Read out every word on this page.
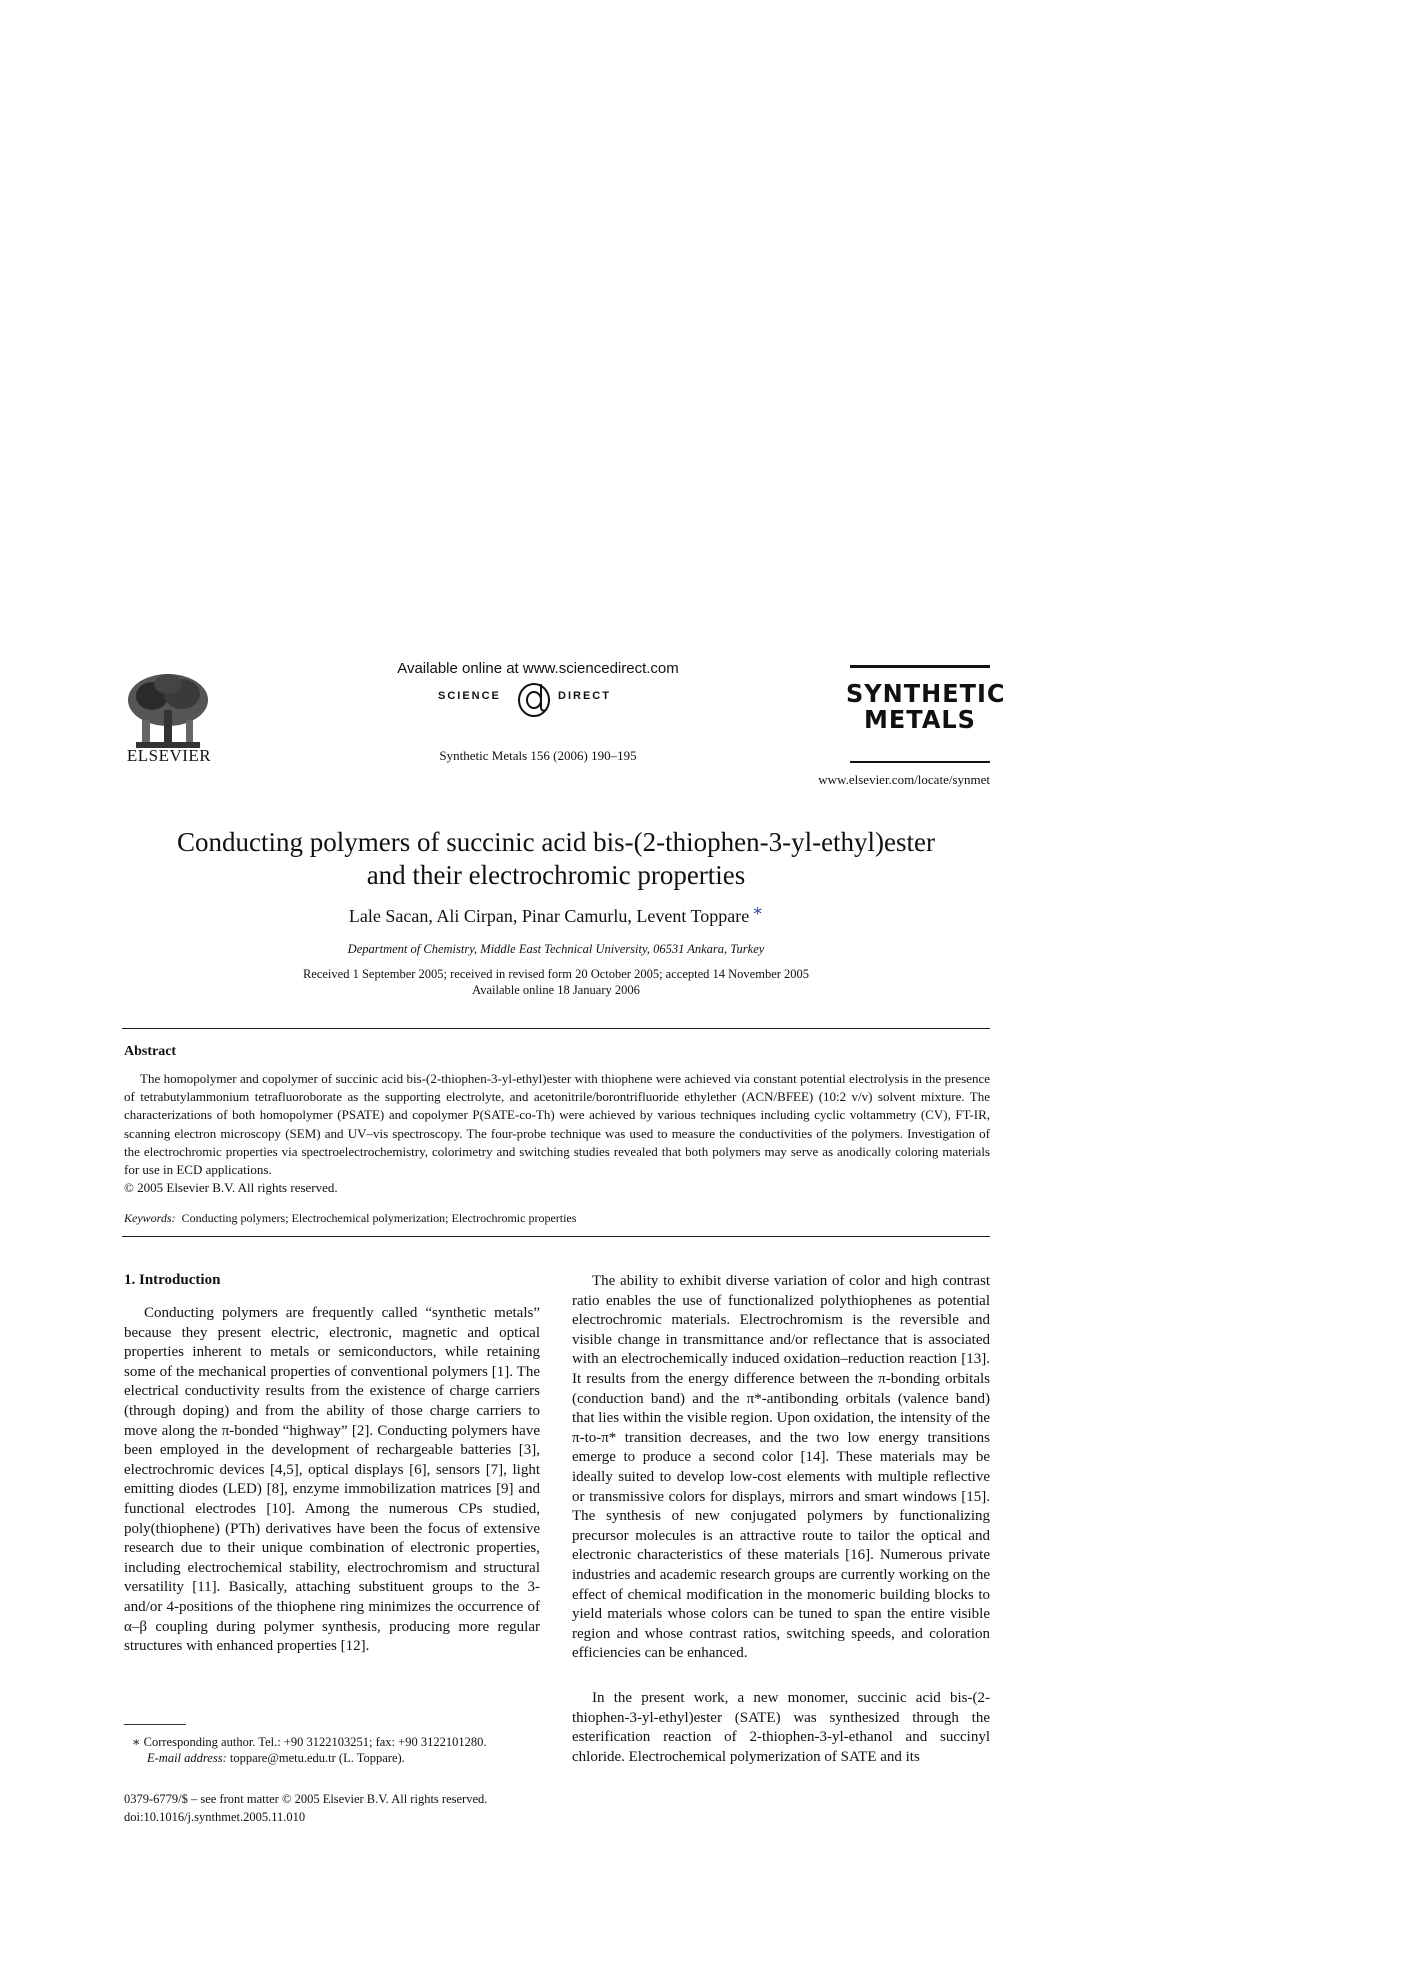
ELSEVIER
Available online at www.sciencedirect.com
SCIENCE	DIRECT
Synthetic Metals 156 (2006) 190–195
SYNTHETIC
METALS
www.elsevier.com/locate/synmet
Conducting polymers of succinic acid bis-(2-thiophen-3-yl-ethyl)ester
and their electrochromic properties
Lale Sacan, Ali Cirpan, Pinar Camurlu, Levent Toppare ∗
Department of Chemistry, Middle East Technical University, 06531 Ankara, Turkey
Received 1 September 2005; received in revised form 20 October 2005; accepted 14 November 2005
Available online 18 January 2006
Abstract
The homopolymer and copolymer of succinic acid bis-(2-thiophen-3-yl-ethyl)ester with thiophene were achieved via constant potential electrolysis in the presence of tetrabutylammonium tetrafluoroborate as the supporting electrolyte, and acetonitrile/borontrifluoride ethylether (ACN/BFEE) (10:2 v/v) solvent mixture. The characterizations of both homopolymer (PSATE) and copolymer P(SATE-co-Th) were achieved by various techniques including cyclic voltammetry (CV), FT-IR, scanning electron microscopy (SEM) and UV–vis spectroscopy. The four-probe technique was used to measure the conductivities of the polymers. Investigation of the electrochromic properties via spectroelectrochemistry, colorimetry and switching studies revealed that both polymers may serve as anodically coloring materials for use in ECD applications.
© 2005 Elsevier B.V. All rights reserved.
Keywords: Conducting polymers; Electrochemical polymerization; Electrochromic properties
1. Introduction
Conducting polymers are frequently called “synthetic metals” because they present electric, electronic, magnetic and optical properties inherent to metals or semiconductors, while retaining some of the mechanical properties of conventional polymers [1]. The electrical conductivity results from the existence of charge carriers (through doping) and from the ability of those charge carriers to move along the π-bonded “highway” [2]. Conducting polymers have been employed in the development of rechargeable batteries [3], electrochromic devices [4,5], optical displays [6], sensors [7], light emitting diodes (LED) [8], enzyme immobilization matrices [9] and functional electrodes [10]. Among the numerous CPs studied, poly(thiophene) (PTh) derivatives have been the focus of extensive research due to their unique combination of electronic properties, including electrochemical stability, electrochromism and structural versatility [11]. Basically, attaching substituent groups to the 3- and/or 4-positions of the thiophene ring minimizes the occurrence of α–β coupling during polymer synthesis, producing more regular structures with enhanced properties [12].
The ability to exhibit diverse variation of color and high contrast ratio enables the use of functionalized polythiophenes as potential electrochromic materials. Electrochromism is the reversible and visible change in transmittance and/or reflectance that is associated with an electrochemically induced oxidation–reduction reaction [13]. It results from the energy difference between the π-bonding orbitals (conduction band) and the π*-antibonding orbitals (valence band) that lies within the visible region. Upon oxidation, the intensity of the π-to-π* transition decreases, and the two low energy transitions emerge to produce a second color [14]. These materials may be ideally suited to develop low-cost elements with multiple reflective or transmissive colors for displays, mirrors and smart windows [15]. The synthesis of new conjugated polymers by functionalizing precursor molecules is an attractive route to tailor the optical and electronic characteristics of these materials [16]. Numerous private industries and academic research groups are currently working on the effect of chemical modification in the monomeric building blocks to yield materials whose colors can be tuned to span the entire visible region and whose contrast ratios, switching speeds, and coloration efficiencies can be enhanced.
In the present work, a new monomer, succinic acid bis-(2-thiophen-3-yl-ethyl)ester (SATE) was synthesized through the esterification reaction of 2-thiophen-3-yl-ethanol and succinyl chloride. Electrochemical polymerization of SATE and its
∗ Corresponding author. Tel.: +90 3122103251; fax: +90 3122101280.
E-mail address: toppare@metu.edu.tr (L. Toppare).
0379-6779/$ – see front matter © 2005 Elsevier B.V. All rights reserved.
doi:10.1016/j.synthmet.2005.11.010
